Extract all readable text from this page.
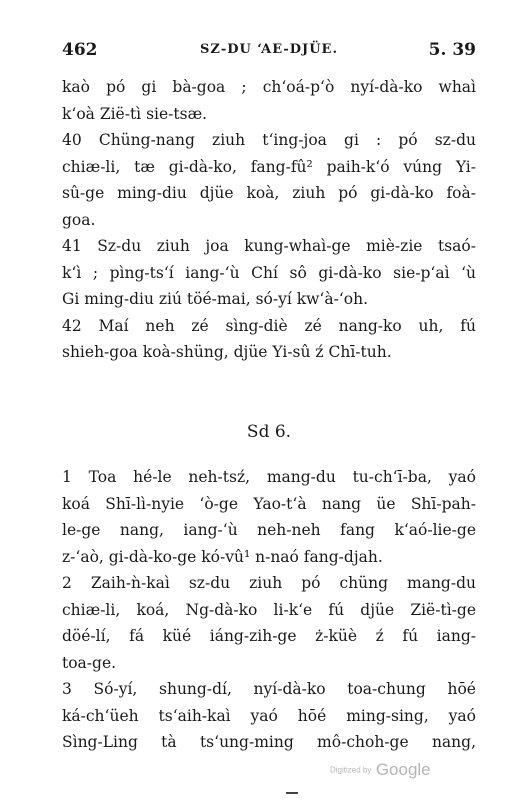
462	SZ-DU ‘AE-DJÜE.	5. 39
kaò pó gi bà-goa ; ch‘oá-p‘ò nyí-dà-ko whaì
k‘oà Zië-tì sie-tsæ.
40 Chüng-nang ziuh t‘ing-joa gi : pó sz-du
chiæ-li, tæ gi-dà-ko, fang-fû² paih-k‘ó vúng Yi-
sû-ge ming-diu djüe koà, ziuh pó gi-dà-ko foà-
goa.
41 Sz-du ziuh joa kung-whaì-ge miè-zie tsaó-
k‘ì ; pìng-ts‘í iang-‘ù Chí sô gi-dà-ko sie-p‘aì ‘ù
Gi ming-diu ziú töé-mai, só-yí kw‘à-‘oh.
42 Maí neh zé sìng-diè zé nang-ko uh, fú
shieh-goa koà-shüng, djüe Yi-sû ź Chī-tuh.
Sd 6.
1 Toa hé-le neh-tsź, mang-du tu-ch‘ī-ba, yaó
koá Shī-lì-nyie ‘ò-ge Yao-t‘à nang üe Shī-pah-
le-ge nang, iang-‘ù neh-neh fang k‘aó-lie-ge
z-‘aò, gi-dà-ko-ge kó-vû¹ n-naó fang-djah.
2 Zaih-ǹ-kaì sz-du ziuh pó chüng mang-du
chiæ-li, koá, Ng-dà-ko li-k‘e fú djüe Zië-tì-ge
döé-lí, fá küé iáng-zih-ge ż-küè ź fú iang-
toa-ge.
3 Só-yí, shung-dí, nyí-dà-ko toa-chung hōé
ká-ch‘üeh ts‘aih-kaì yaó hōé ming-sing, yaó
Sìng-Ling tà ts‘ung-ming mô-choh-ge nang,
Digitized by Google
